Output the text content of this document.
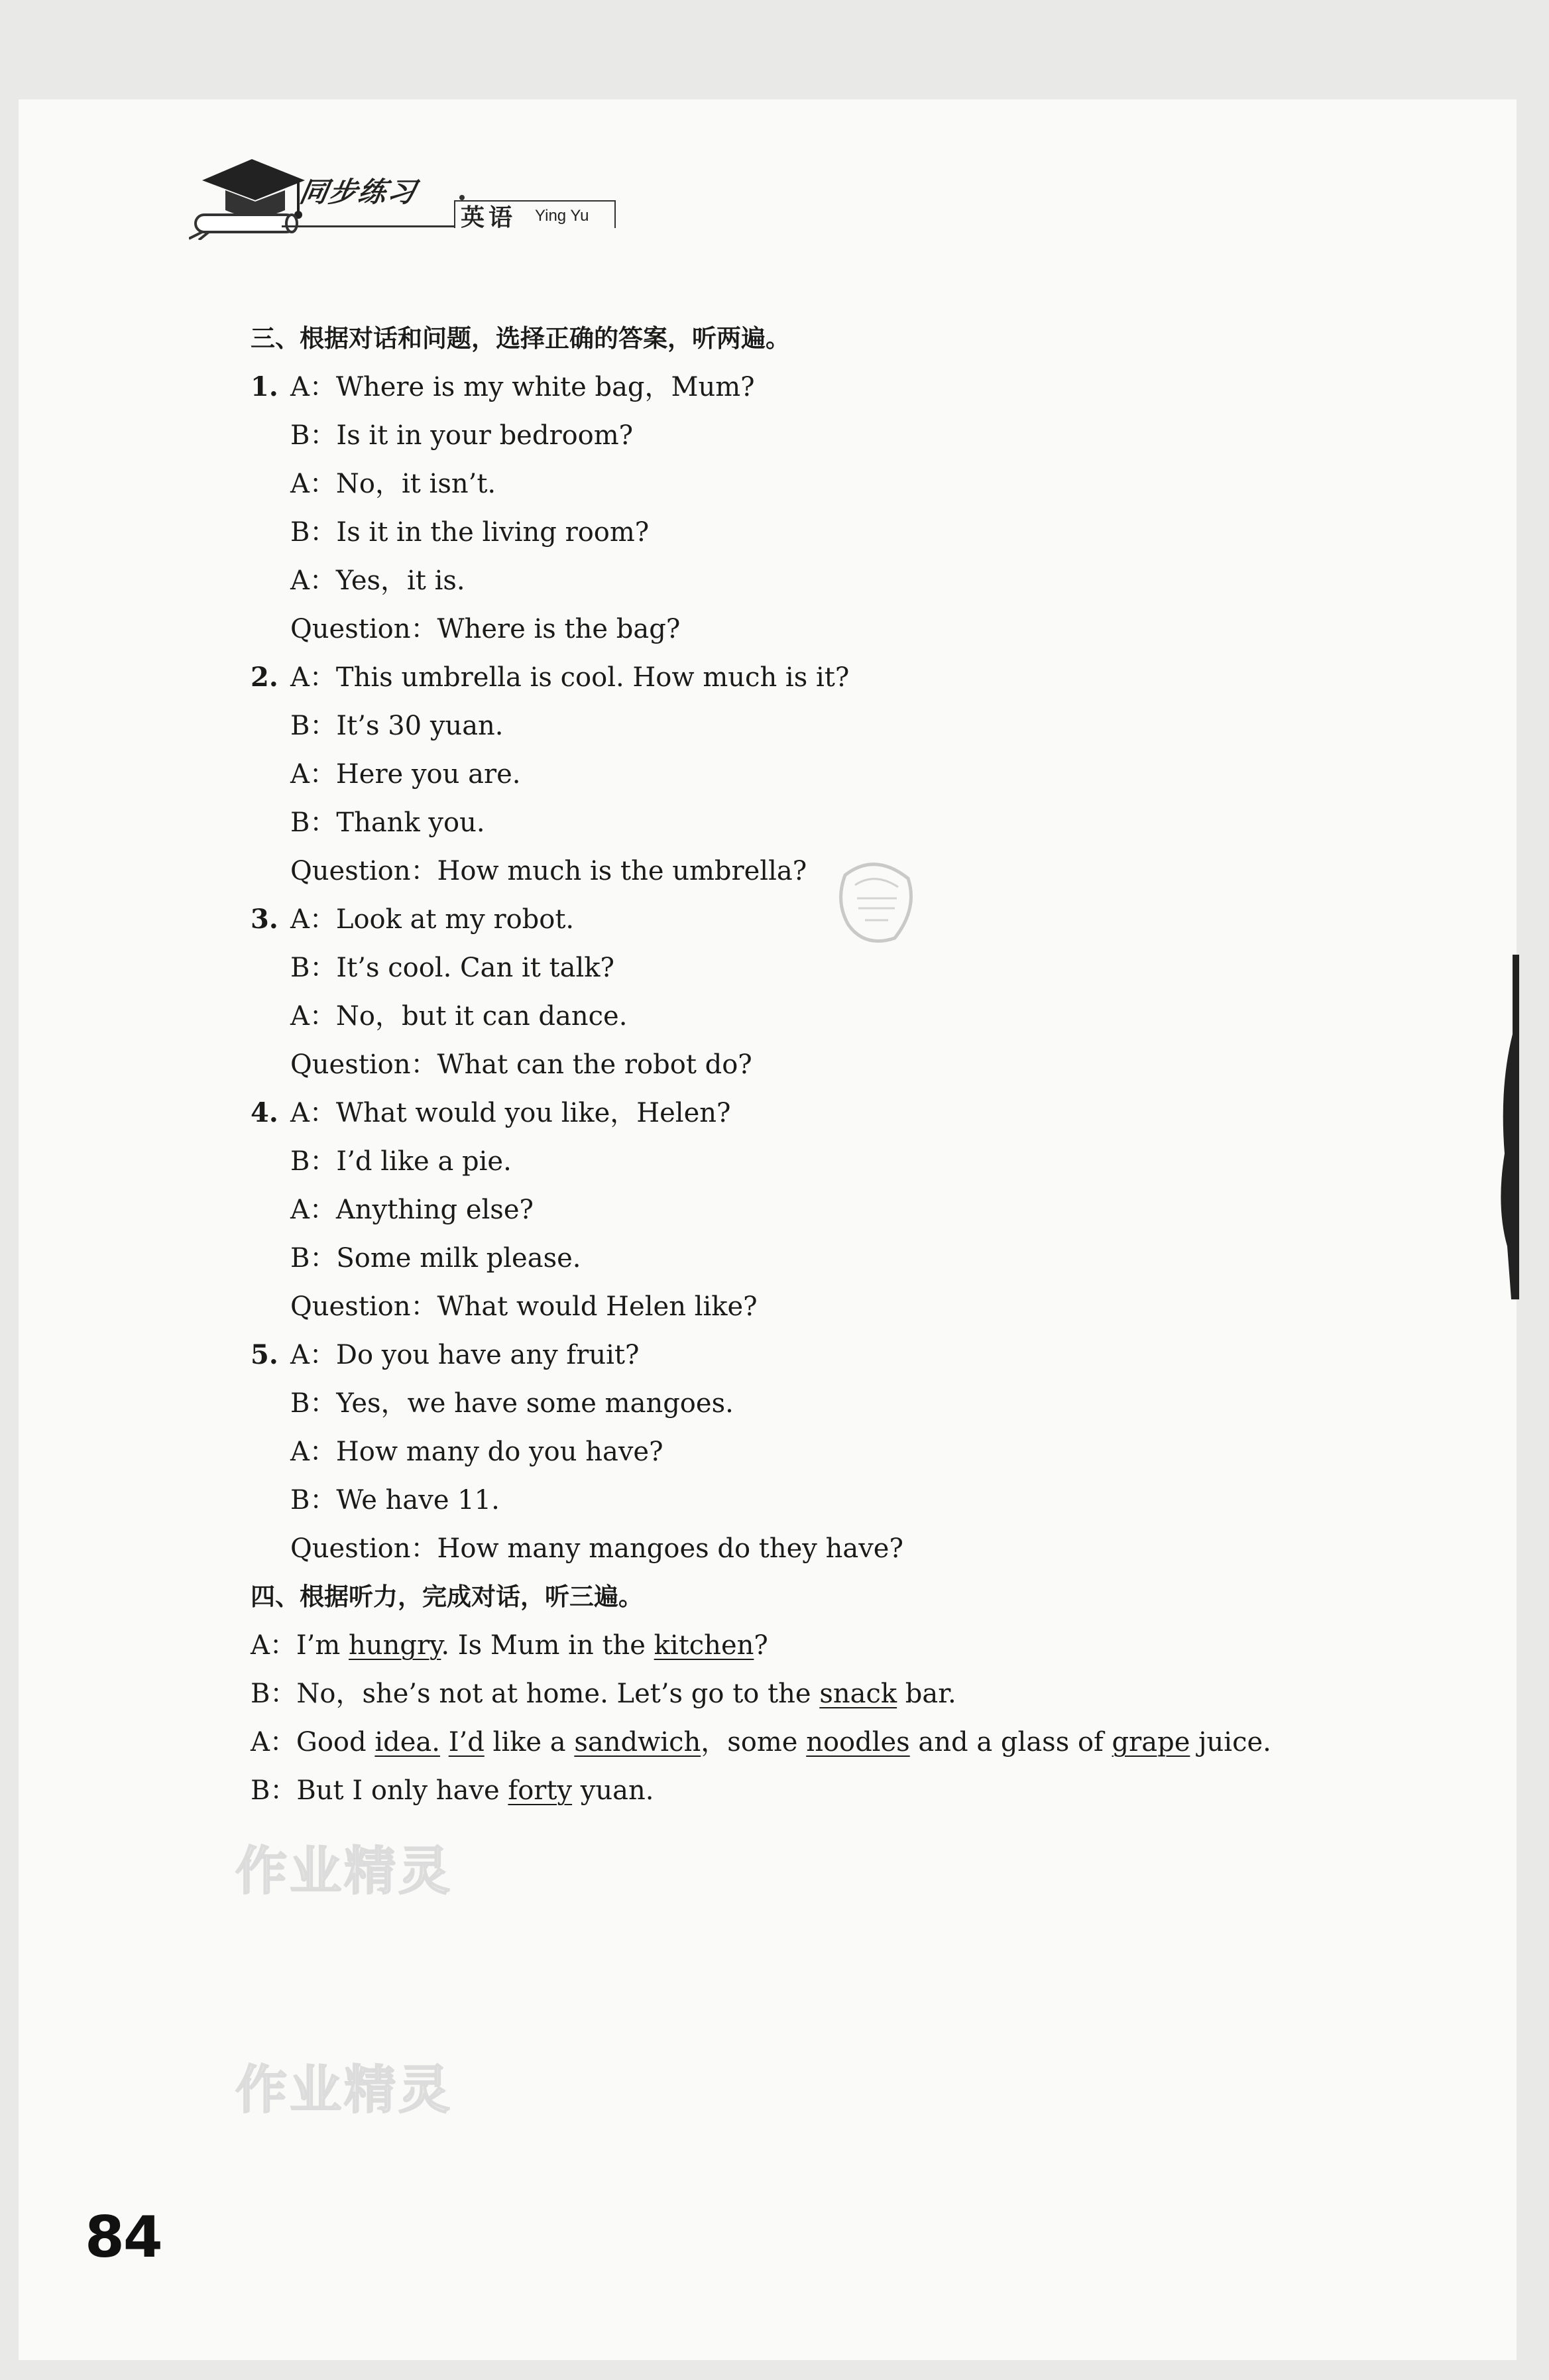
同步练习
英语 Ying Yu
三、根据对话和问题，选择正确的答案，听两遍。
1. A：Where is my white bag，Mum?
B：Is it in your bedroom?
A：No，it isn’t.
B：Is it in the living room?
A：Yes，it is.
Question：Where is the bag?
2. A：This umbrella is cool. How much is it?
B：It’s 30 yuan.
A：Here you are.
B：Thank you.
Question：How much is the umbrella?
3. A：Look at my robot.
B：It’s cool. Can it talk?
A：No，but it can dance.
Question：What can the robot do?
4. A：What would you like，Helen?
B：I’d like a pie.
A：Anything else?
B：Some milk please.
Question：What would Helen like?
5. A：Do you have any fruit?
B：Yes，we have some mangoes.
A：How many do you have?
B：We have 11.
Question：How many mangoes do they have?
四、根据听力，完成对话，听三遍。
A：I’m hungry. Is Mum in the kitchen?
B：No，she’s not at home. Let’s go to the snack bar.
A：Good idea. I’d like a sandwich，some noodles and a glass of grape juice.
B：But I only have forty yuan.
作业精灵
作业精灵
84
